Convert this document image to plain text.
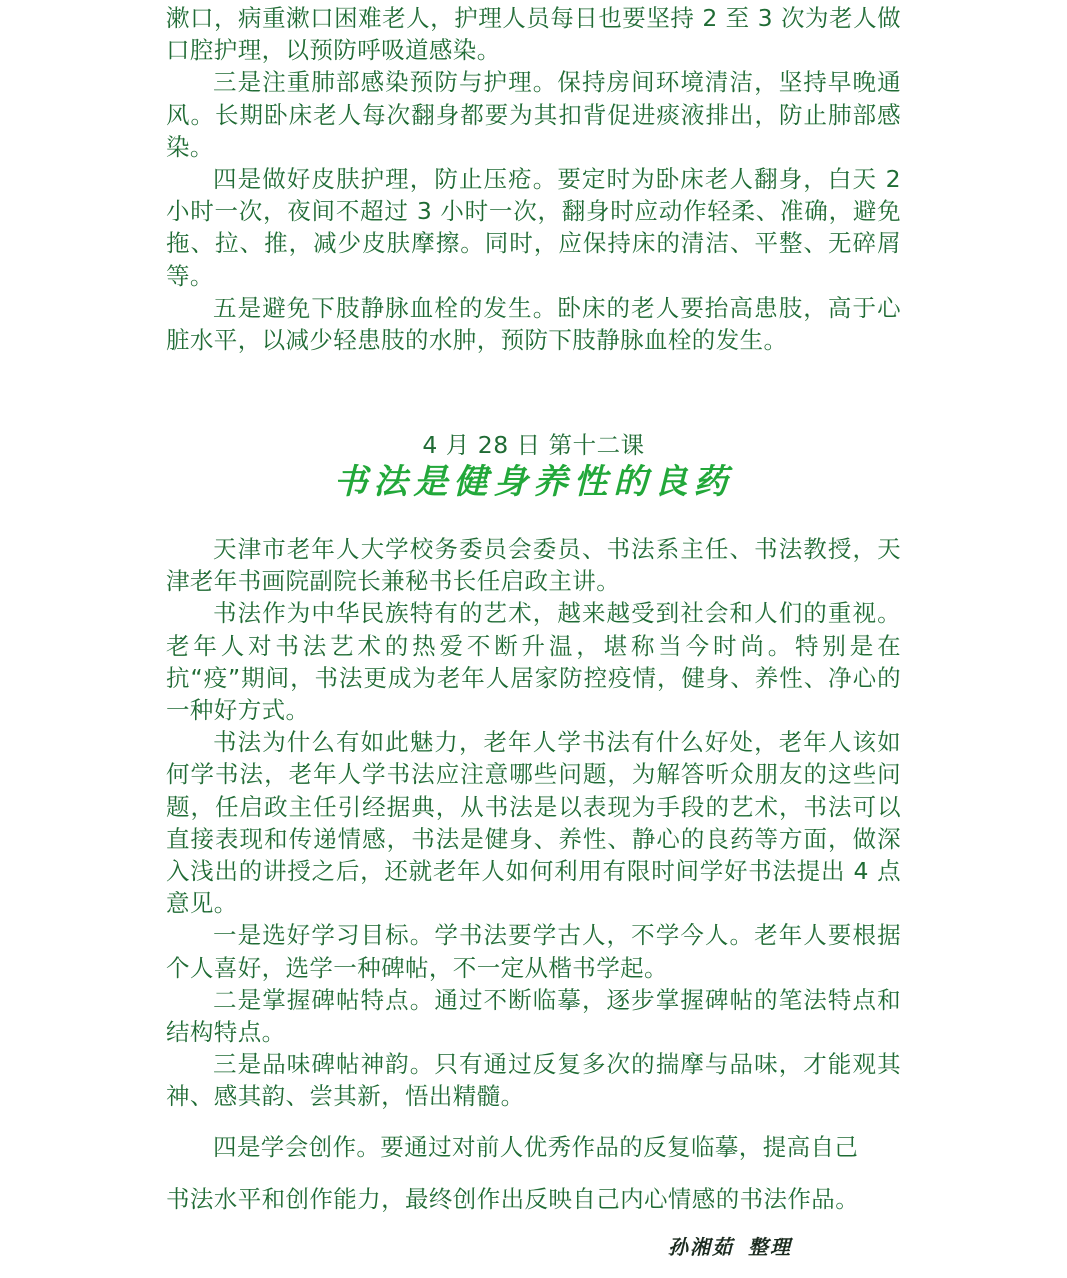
漱口，病重漱口困难老人，护理人员每日也要坚持 2 至 3 次为老人做口腔护理，以预防呼吸道感染。

三是注重肺部感染预防与护理。保持房间环境清洁，坚持早晚通风。长期卧床老人每次翻身都要为其扣背促进痰液排出，防止肺部感染。

四是做好皮肤护理，防止压疮。要定时为卧床老人翻身，白天 2 小时一次，夜间不超过 3 小时一次，翻身时应动作轻柔、准确，避免拖、拉、推，减少皮肤摩擦。同时，应保持床的清洁、平整、无碎屑等。

五是避免下肢静脉血栓的发生。卧床的老人要抬高患肢，高于心脏水平，以减少轻患肢的水肿，预防下肢静脉血栓的发生。

4 月 28 日 第十二课
书法是健身养性的良药

天津市老年人大学校务委员会委员、书法系主任、书法教授，天津老年书画院副院长兼秘书长任启政主讲。

书法作为中华民族特有的艺术，越来越受到社会和人们的重视。老年人对书法艺术的热爱不断升温，堪称当今时尚。特别是在抗“疫”期间，书法更成为老年人居家防控疫情，健身、养性、净心的一种好方式。

书法为什么有如此魅力，老年人学书法有什么好处，老年人该如何学书法，老年人学书法应注意哪些问题，为解答听众朋友的这些问题，任启政主任引经据典，从书法是以表现为手段的艺术，书法可以直接表现和传递情感，书法是健身、养性、静心的良药等方面，做深入浅出的讲授之后，还就老年人如何利用有限时间学好书法提出 4 点意见。

一是选好学习目标。学书法要学古人，不学今人。老年人要根据个人喜好，选学一种碑帖，不一定从楷书学起。

二是掌握碑帖特点。通过不断临摹，逐步掌握碑帖的笔法特点和结构特点。

三是品味碑帖神韵。只有通过反复多次的揣摩与品味，才能观其神、感其韵、尝其新，悟出精髓。

四是学会创作。要通过对前人优秀作品的反复临摹，提高自己

书法水平和创作能力，最终创作出反映自己内心情感的书法作品。

孙湘茹 整理
